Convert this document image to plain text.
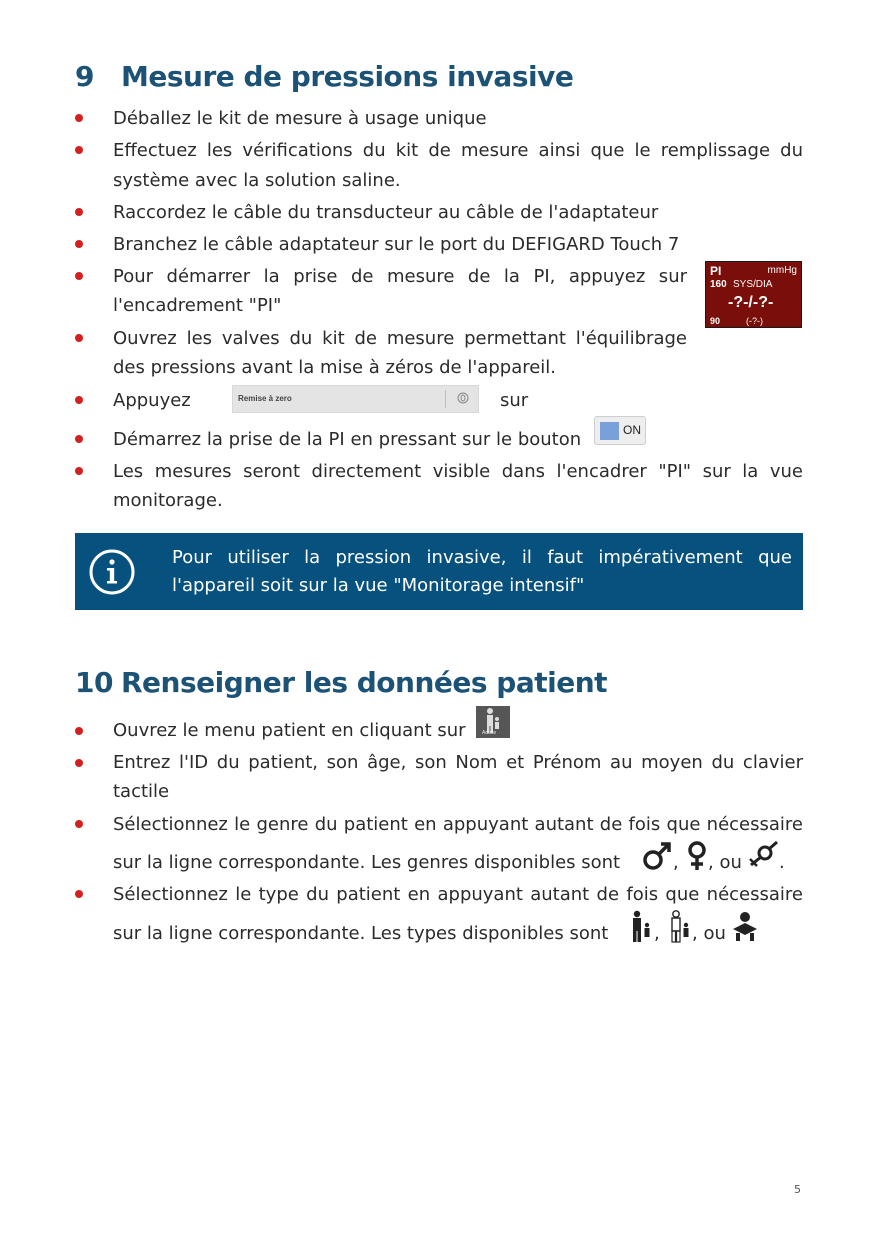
9 Mesure de pressions invasive
Déballez le kit de mesure à usage unique
Effectuez les vérifications du kit de mesure ainsi que le remplissage du
système avec la solution saline.
Raccordez le câble du transducteur au câble de l'adaptateur
Branchez le câble adaptateur sur le port du DEFIGARD Touch 7
Pour démarrer la prise de mesure de la PI, appuyez sur
l'encadrement "PI"
PI	mmHg
160 SYS/DIA
-?-/-?-
90	(-?-)
Ouvrez les valves du kit de mesure permettant l'équilibrage
des pressions avant la mise à zéros de l'appareil.
Appuyez	Remise à zero	sur
Démarrez la prise de la PI en pressant sur le bouton	ON
Les mesures seront directement visible dans l'encadrer "PI" sur la vue
monitorage.
Pour utiliser la pression invasive, il faut impérativement que
l'appareil soit sur la vue "Monitorage intensif"
10 Renseigner les données patient
Ouvrez le menu patient en cliquant sur	Adulte
Entrez l'ID du patient, son âge, son Nom et Prénom au moyen du clavier
tactile
Sélectionnez le genre du patient en appuyant autant de fois que nécessaire
sur la ligne correspondante. Les genres disponibles sont	, , ou .
Sélectionnez le type du patient en appuyant autant de fois que nécessaire
sur la ligne correspondante. Les types disponibles sont	, , ou
5
